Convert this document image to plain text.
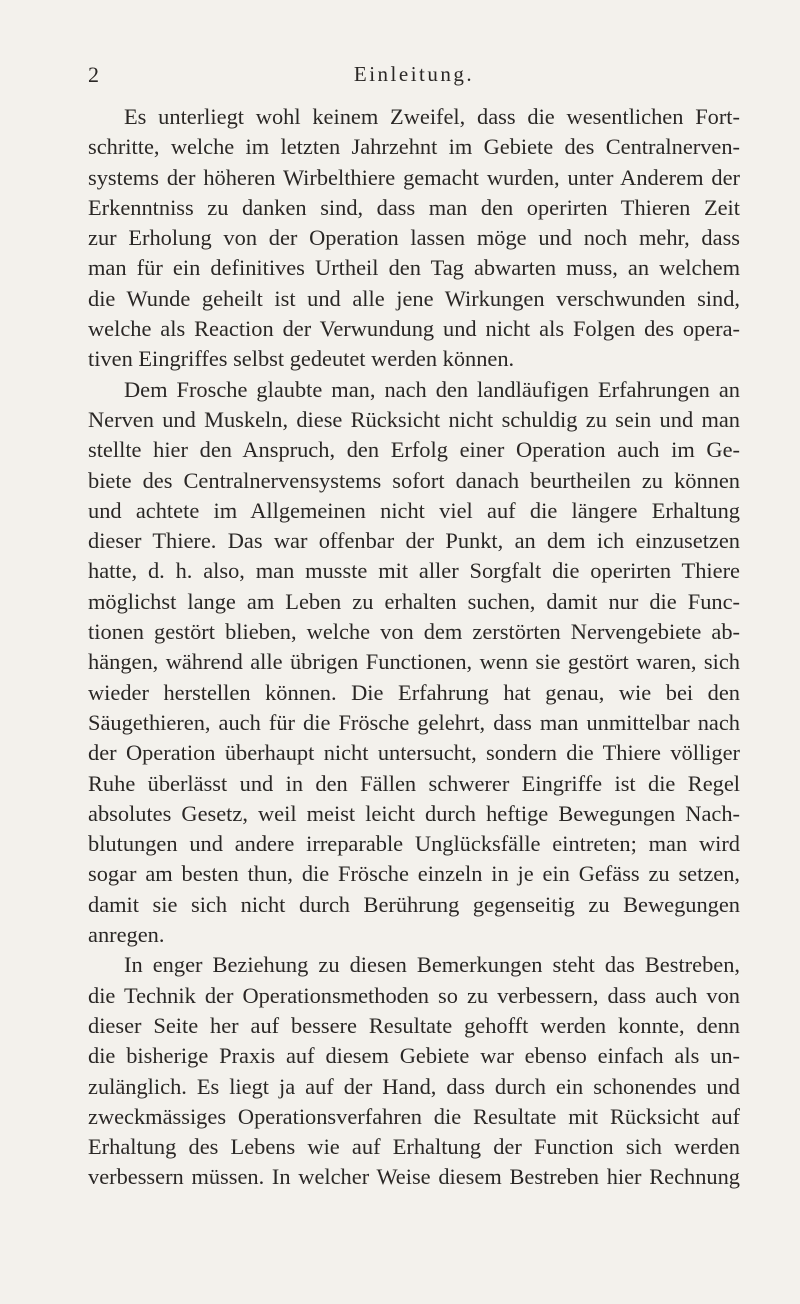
2	Einleitung.
Es unterliegt wohl keinem Zweifel, dass die wesentlichen Fort-
schritte, welche im letzten Jahrzehnt im Gebiete des Centralnerven-
systems der höheren Wirbelthiere gemacht wurden, unter Anderem der
Erkenntniss zu danken sind, dass man den operirten Thieren Zeit
zur Erholung von der Operation lassen möge und noch mehr, dass
man für ein definitives Urtheil den Tag abwarten muss, an welchem
die Wunde geheilt ist und alle jene Wirkungen verschwunden sind,
welche als Reaction der Verwundung und nicht als Folgen des opera-
tiven Eingriffes selbst gedeutet werden können.
Dem Frosche glaubte man, nach den landläufigen Erfahrungen an
Nerven und Muskeln, diese Rücksicht nicht schuldig zu sein und man
stellte hier den Anspruch, den Erfolg einer Operation auch im Ge-
biete des Centralnervensystems sofort danach beurtheilen zu können
und achtete im Allgemeinen nicht viel auf die längere Erhaltung
dieser Thiere. Das war offenbar der Punkt, an dem ich einzusetzen
hatte, d. h. also, man musste mit aller Sorgfalt die operirten Thiere
möglichst lange am Leben zu erhalten suchen, damit nur die Func-
tionen gestört blieben, welche von dem zerstörten Nervengebiete ab-
hängen, während alle übrigen Functionen, wenn sie gestört waren, sich
wieder herstellen können. Die Erfahrung hat genau, wie bei den
Säugethieren, auch für die Frösche gelehrt, dass man unmittelbar nach
der Operation überhaupt nicht untersucht, sondern die Thiere völliger
Ruhe überlässt und in den Fällen schwerer Eingriffe ist die Regel
absolutes Gesetz, weil meist leicht durch heftige Bewegungen Nach-
blutungen und andere irreparable Unglücksfälle eintreten; man wird
sogar am besten thun, die Frösche einzeln in je ein Gefäss zu setzen,
damit sie sich nicht durch Berührung gegenseitig zu Bewegungen
anregen.
In enger Beziehung zu diesen Bemerkungen steht das Bestreben,
die Technik der Operationsmethoden so zu verbessern, dass auch von
dieser Seite her auf bessere Resultate gehofft werden konnte, denn
die bisherige Praxis auf diesem Gebiete war ebenso einfach als un-
zulänglich. Es liegt ja auf der Hand, dass durch ein schonendes und
zweckmässiges Operationsverfahren die Resultate mit Rücksicht auf
Erhaltung des Lebens wie auf Erhaltung der Function sich werden
verbessern müssen. In welcher Weise diesem Bestreben hier Rechnung
